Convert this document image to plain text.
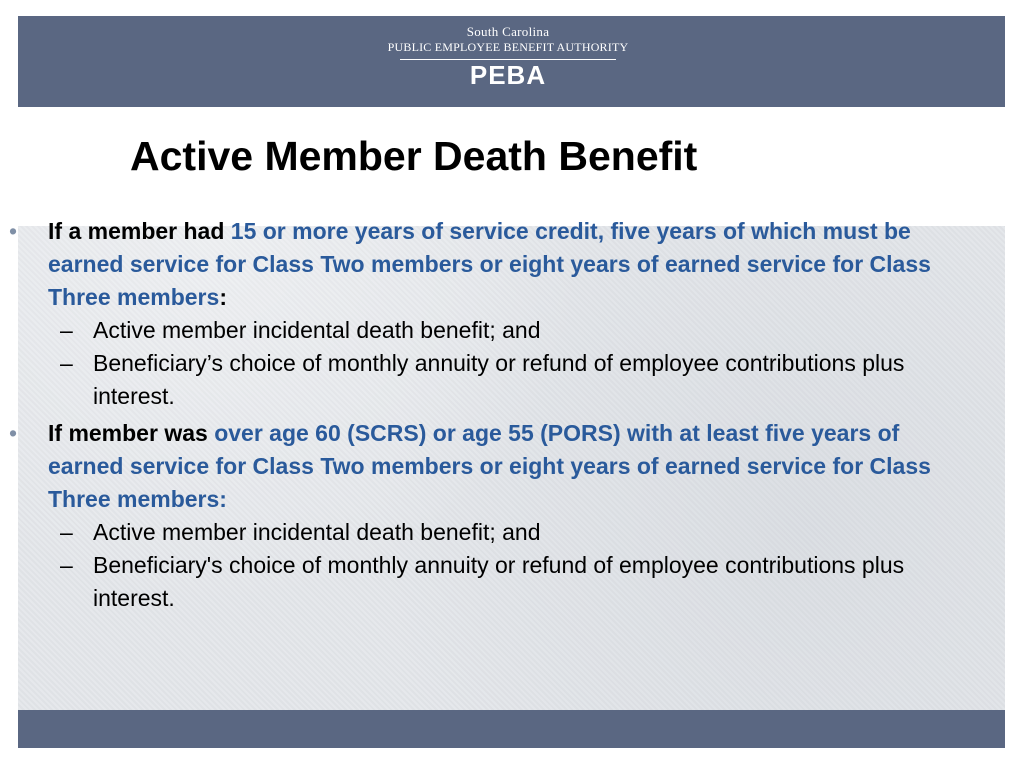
South Carolina
PUBLIC EMPLOYEE BENEFIT AUTHORITY
PEBA
Active Member Death Benefit

• If a member had 15 or more years of service credit, five years of which must be earned service for Class Two members or eight years of earned service for Class Three members:

– Active member incidental death benefit; and

– Beneficiary’s choice of monthly annuity or refund of employee contributions plus interest.

• If member was over age 60 (SCRS) or age 55 (PORS) with at least five years of earned service for Class Two members or eight years of earned service for Class Three members:

– Active member incidental death benefit; and

– Beneficiary's choice of monthly annuity or refund of employee contributions plus interest.
